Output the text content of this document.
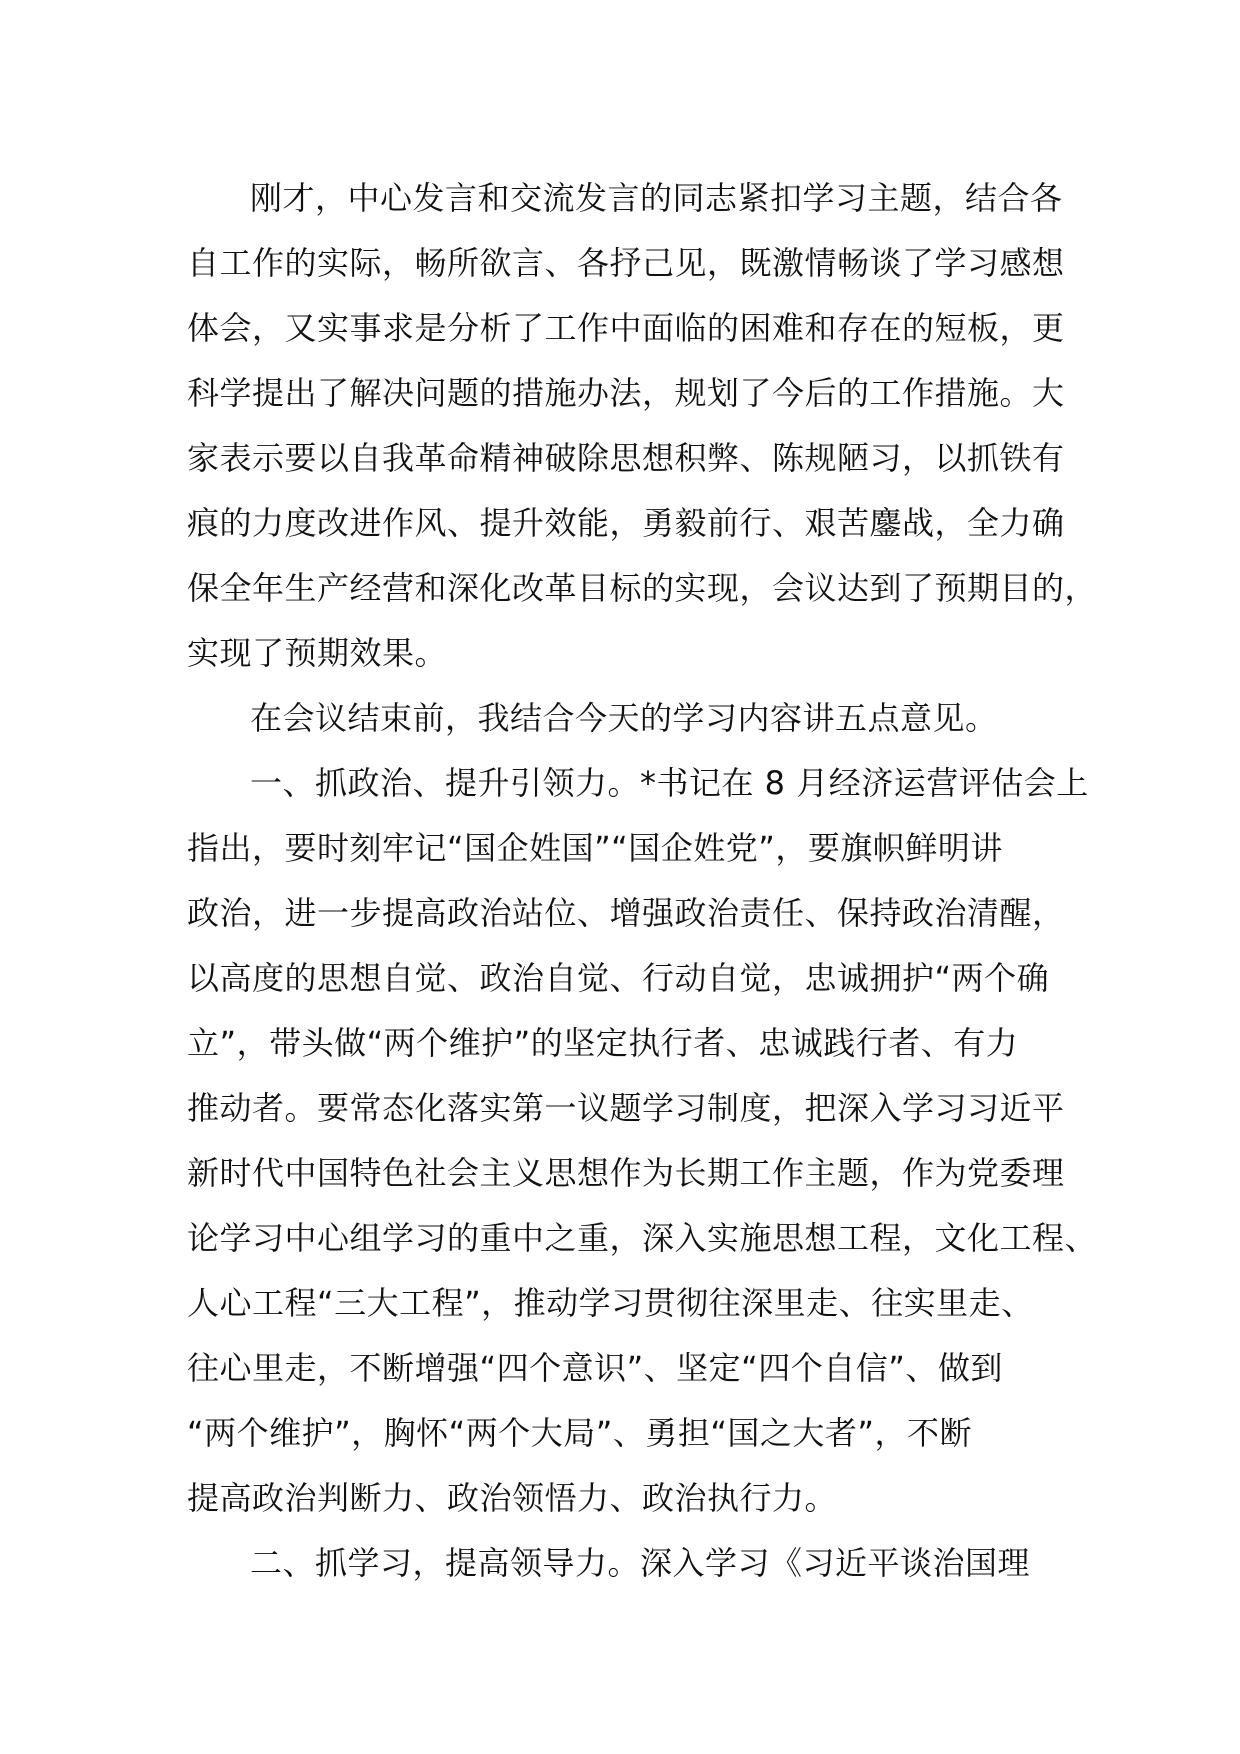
刚才，中心发言和交流发言的同志紧扣学习主题，结合各
自工作的实际，畅所欲言、各抒己见，既激情畅谈了学习感想
体会，又实事求是分析了工作中面临的困难和存在的短板，更
科学提出了解决问题的措施办法，规划了今后的工作措施。大
家表示要以自我革命精神破除思想积弊、陈规陋习，以抓铁有
痕的力度改进作风、提升效能，勇毅前行、艰苦鏖战，全力确
保全年生产经营和深化改革目标的实现，会议达到了预期目的，
实现了预期效果。
在会议结束前，我结合今天的学习内容讲五点意见。
一、抓政治、提升引领力。*书记在 8 月经济运营评估会上
指出，要时刻牢记“国企姓国”“国企姓党”，要旗帜鲜明讲
政治，进一步提高政治站位、增强政治责任、保持政治清醒，
以高度的思想自觉、政治自觉、行动自觉，忠诚拥护“两个确
立”，带头做“两个维护”的坚定执行者、忠诚践行者、有力
推动者。要常态化落实第一议题学习制度，把深入学习习近平
新时代中国特色社会主义思想作为长期工作主题，作为党委理
论学习中心组学习的重中之重，深入实施思想工程，文化工程、
人心工程“三大工程”，推动学习贯彻往深里走、往实里走、
往心里走，不断增强“四个意识”、坚定“四个自信”、做到
“两个维护”，胸怀“两个大局”、勇担“国之大者”，不断
提高政治判断力、政治领悟力、政治执行力。
二、抓学习，提高领导力。深入学习《习近平谈治国理
